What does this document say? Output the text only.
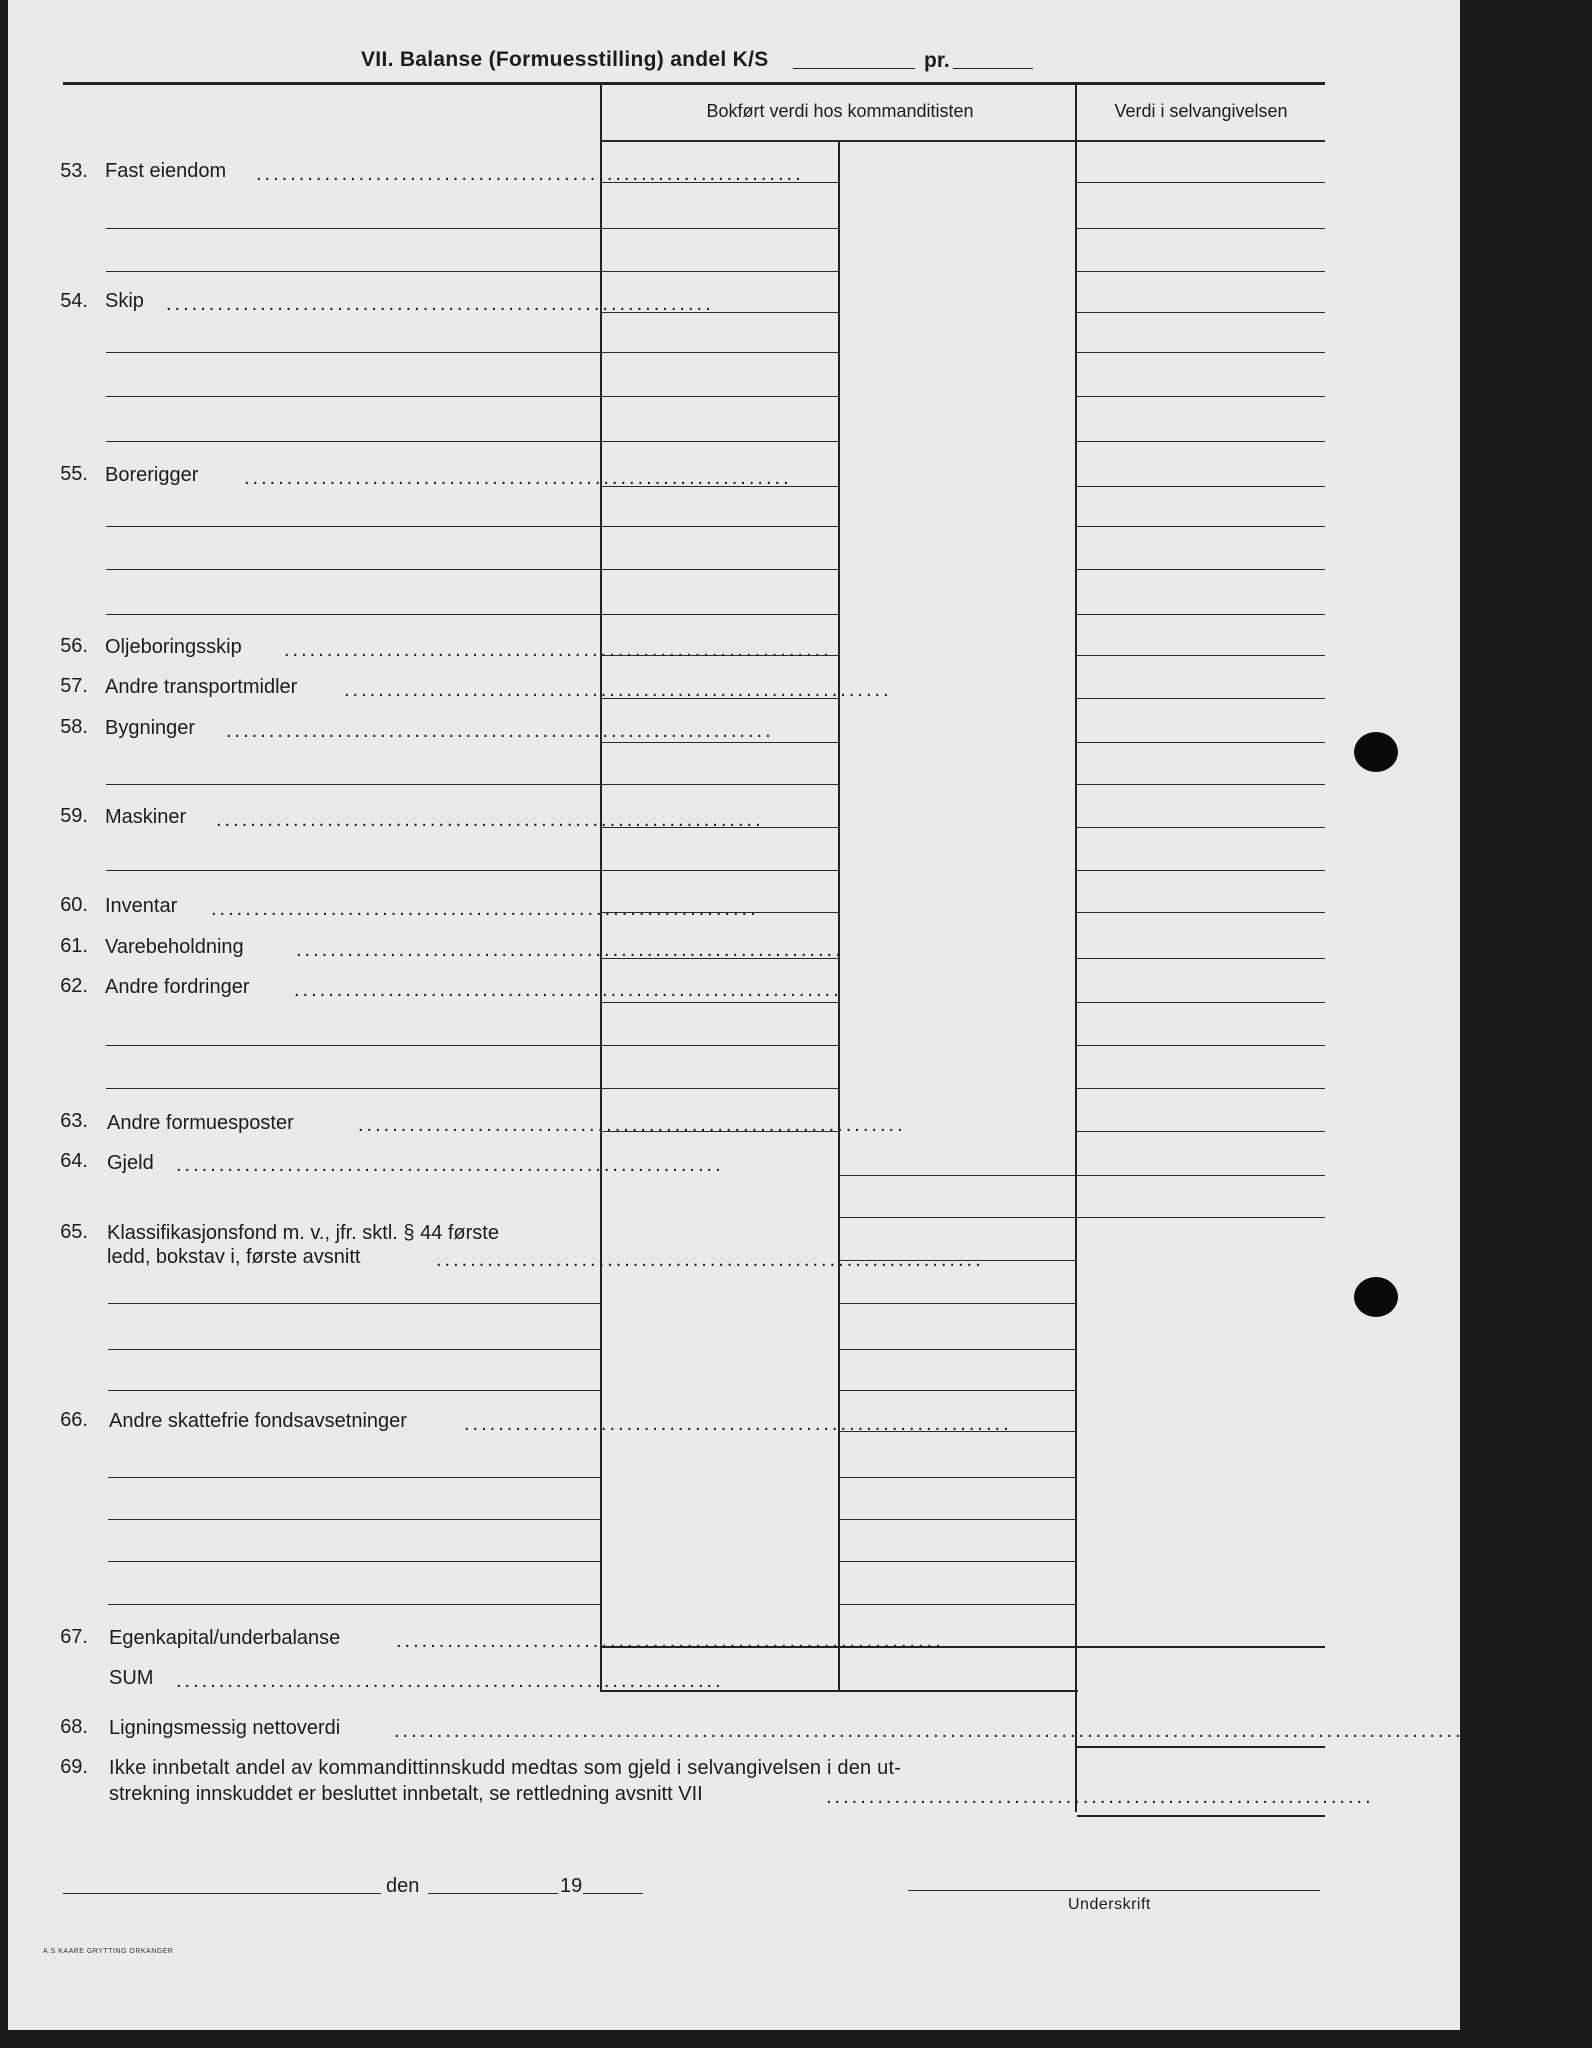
VII. Balanse (Formuesstilling) andel K/S	pr.
Bokført verdi hos kommanditisten	Verdi i selvangivelsen
53. Fast eiendom ................................................................
54. Skip ................................................................
55. Borerigger ................................................................
56. Oljeboringsskip ................................................................
57. Andre transportmidler ................................................................
58. Bygninger ................................................................
59. Maskiner ................................................................
60. Inventar ................................................................
61. Varebeholdning	................................................................
62. Andre fordringer ................................................................
63. Andre formuesposter	................................................................
64. Gjeld ................................................................
65. Klassifikasjonsfond m. v., jfr. sktl. § 44 første
ledd, bokstav i, første avsnitt	................................................................
66. Andre skattefrie fondsavsetninger	................................................................
67. Egenkapital/underbalanse	................................................................
SUM ................................................................
68. Ligningsmessig nettoverdi	............................................................................................................................................
69. Ikke innbetalt andel av kommandittinnskudd medtas som gjeld i selvangivelsen i den ut-
strekning innskuddet er besluttet innbetalt, se rettledning avsnitt VII	................................................................
den	19
Underskrift
A.S KAARE GRYTTING ORKANGER
